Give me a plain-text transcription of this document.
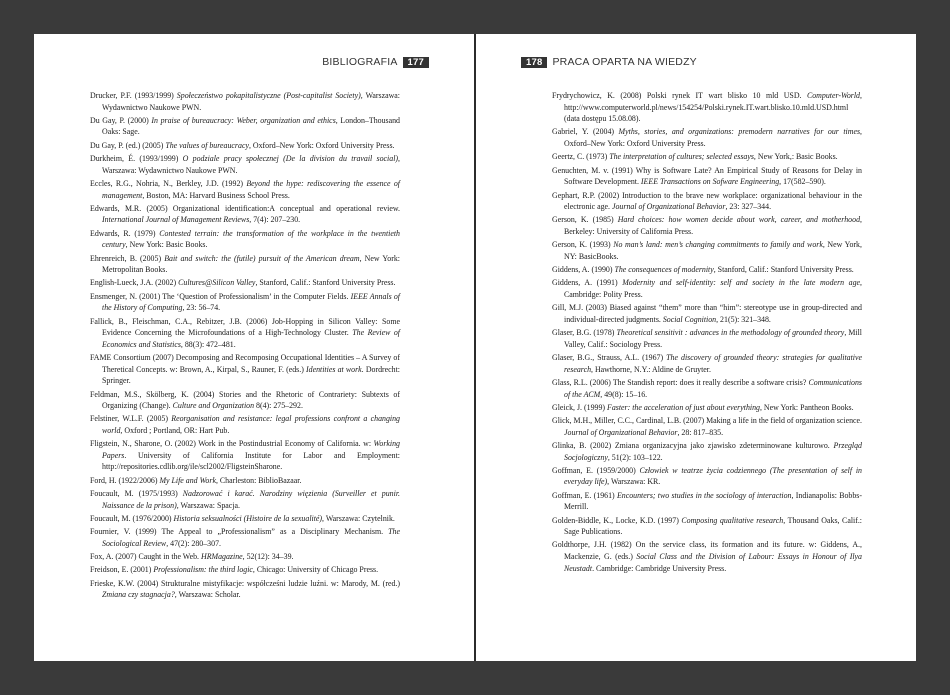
BIBLIOGRAFIA	177

Drucker, P.F. (1993/1999) Społeczeństwo pokapitalistyczne (Post-capitalist Society), Warszawa: Wydawnictwo Naukowe PWN.

Du Gay, P. (2000) In praise of bureaucracy: Weber, organization and ethics, London–Thousand Oaks: Sage.

Du Gay, P. (ed.) (2005) The values of bureaucracy, Oxford–New York: Oxford University Press.

Durkheim, É. (1993/1999) O podziale pracy społecznej (De la division du travail social), Warszawa: Wydawnictwo Naukowe PWN.

Eccles, R.G., Nohria, N., Berkley, J.D. (1992) Beyond the hype: rediscovering the essence of management, Boston, MA: Harvard Business School Press.

Edwards, M.R. (2005) Organizational identification:A conceptual and operational review. International Journal of Management Reviews, 7(4): 207–230.

Edwards, R. (1979) Contested terrain: the transformation of the workplace in the twentieth century, New York: Basic Books.

Ehrenreich, B. (2005) Bait and switch: the (futile) pursuit of the American dream, New York: Metropolitan Books.

English-Lueck, J.A. (2002) Cultures@Silicon Valley, Stanford, Calif.: Stanford University Press.

Ensmenger, N. (2001) The ‘Question of Professionalism’ in the Computer Fields. IEEE Annals of the History of Computing, 23: 56–74.

Fallick, B., Fleischman, C.A., Rebitzer, J.B. (2006) Job-Hopping in Silicon Valley: Some Evidence Concerning the Microfoundations of a High-Technology Cluster. The Review of Economics and Statistics, 88(3): 472–481.

FAME Consortium (2007) Decomposing and Recomposing Occupational Identities – A Survey of Theretical Concepts. w: Brown, A., Kirpal, S., Rauner, F. (eds.) Identities at work. Dordrecht: Springer.

Feldman, M.S., Skölberg, K. (2004) Stories and the Rhetoric of Contrariety: Subtexts of Organizing (Change). Culture and Organization 8(4): 275–292.

Felstiner, W.L.F. (2005) Reorganisation and resistance: legal professions confront a changing world, Oxford ; Portland, OR: Hart Pub.

Fligstein, N., Sharone, O. (2002) Work in the Postindustrial Economy of California. w: Working Papers. University of California Institute for Labor and Employment: http://repositories.cdlib.org/ile/scl2002/FligsteinSharone.

Ford, H. (1922/2006) My Life and Work, Charleston: BiblioBazaar.

Foucault, M. (1975/1993) Nadzorować i karać. Narodziny więzienia (Surveiller et punir. Naissance de la prison), Warszawa: Spacja.

Foucault, M. (1976/2000) Historia seksualności (Histoire de la sexualité), Warszawa: Czytelnik.

Fournier, V. (1999) The Appeal to „Professionalism” as a Disciplinary Mechanism. The Sociological Review, 47(2): 280–307.

Fox, A. (2007) Caught in the Web. HRMagazine, 52(12): 34–39.

Freidson, E. (2001) Professionalism: the third logic, Chicago: University of Chicago Press.

Frieske, K.W. (2004) Strukturalne mistyfikacje: współcześni ludzie luźni. w: Marody, M. (red.) Zmiana czy stagnacja?, Warszawa: Scholar.

178 PRACA OPARTA NA WIEDZY

Frydrychowicz, K. (2008) Polski rynek IT wart blisko 10 mld USD. Computer-World, http://www.computerworld.pl/news/154254/Polski.rynek.IT.wart.blisko.10.mld.USD.html (data dostępu 15.08.08).

Gabriel, Y. (2004) Myths, stories, and organizations: premodern narratives for our times, Oxford–New York: Oxford University Press.

Geertz, C. (1973) The interpretation of cultures; selected essays, New York,: Basic Books.

Genuchten, M. v. (1991) Why is Software Late? An Empirical Study of Reasons for Delay in Software Development. IEEE Transactions on Sofware Engineering, 17(582–590).

Gephart, R.P. (2002) Introduction to the brave new workplace: organizational behaviour in the electronic age. Journal of Organizational Behavior, 23: 327–344.

Gerson, K. (1985) Hard choices: how women decide about work, career, and motherhood, Berkeley: University of California Press.

Gerson, K. (1993) No man’s land: men’s changing commitments to family and work, New York, NY: BasicBooks.

Giddens, A. (1990) The consequences of modernity, Stanford, Calif.: Stanford University Press.

Giddens, A. (1991) Modernity and self-identity: self and society in the late modern age, Cambridge: Polity Press.

Gill, M.J. (2003) Biased against “them” more than “him”: stereotype use in group-directed and individual-directed judgments. Social Cognition, 21(5): 321–348.

Glaser, B.G. (1978) Theoretical sensitivit : advances in the methodology of grounded theory, Mill Valley, Calif.: Sociology Press.

Glaser, B.G., Strauss, A.L. (1967) The discovery of grounded theory: strategies for qualitative research, Hawthorne, N.Y.: Aldine de Gruyter.

Glass, R.L. (2006) The Standish report: does it really describe a software crisis? Communications of the ACM, 49(8): 15–16.

Gleick, J. (1999) Faster: the acceleration of just about everything, New York: Pantheon Books.

Glick, M.H., Miller, C.C., Cardinal, L.B. (2007) Making a life in the field of organization science. Journal of Organizational Behavior, 28: 817–835.

Glinka, B. (2002) Zmiana organizacyjna jako zjawisko zdeterminowane kulturowo. Przegląd Socjologiczny, 51(2): 103–122.

Goffman, E. (1959/2000) Człowiek w teatrze życia codziennego (The presentation of self in everyday life), Warszawa: KR.

Goffman, E. (1961) Encounters; two studies in the sociology of interaction, Indianapolis: Bobbs-Merrill.

Golden-Biddle, K., Locke, K.D. (1997) Composing qualitative research, Thousand Oaks, Calif.: Sage Publications.

Goldthorpe, J.H. (1982) On the service class, its formation and its future. w: Giddens, A., Mackenzie, G. (eds.) Social Class and the Division of Labour: Essays in Honour of Ilya Neustadt. Cambridge: Cambridge University Press.
